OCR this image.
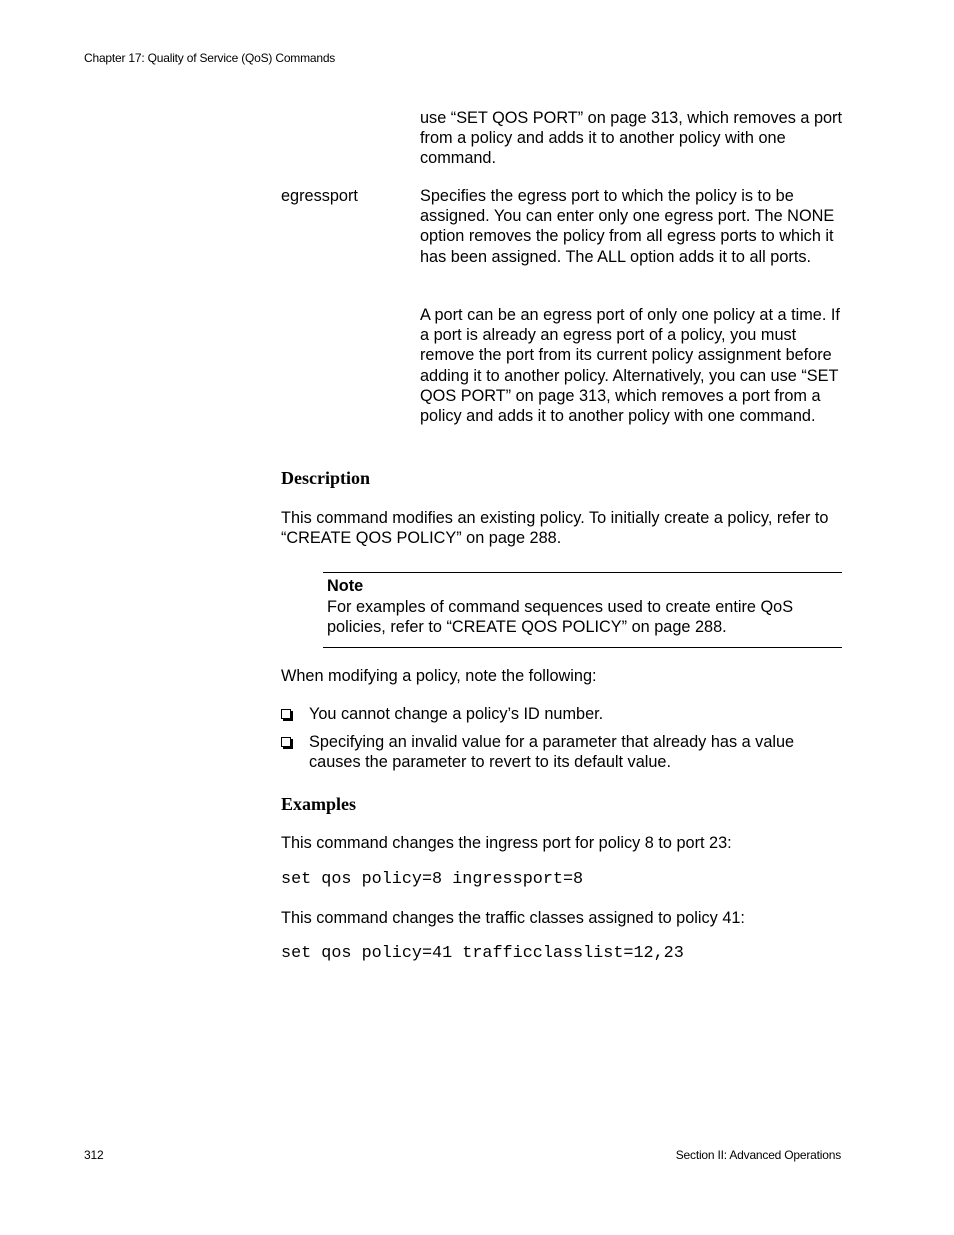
Chapter 17: Quality of Service (QoS) Commands
use “SET QOS PORT” on page 313, which removes a port from a policy and adds it to another policy with one command.
egressport	Specifies the egress port to which the policy is to be assigned. You can enter only one egress port. The NONE option removes the policy from all egress ports to which it has been assigned. The ALL option adds it to all ports.
A port can be an egress port of only one policy at a time. If a port is already an egress port of a policy, you must remove the port from its current policy assignment before adding it to another policy. Alternatively, you can use “SET QOS PORT” on page 313, which removes a port from a policy and adds it to another policy with one command.
Description
This command modifies an existing policy. To initially create a policy, refer to “CREATE QOS POLICY” on page 288.
Note
For examples of command sequences used to create entire QoS policies, refer to “CREATE QOS POLICY” on page 288.
When modifying a policy, note the following:
You cannot change a policy’s ID number.
Specifying an invalid value for a parameter that already has a value causes the parameter to revert to its default value.
Examples
This command changes the ingress port for policy 8 to port 23:
set qos policy=8 ingressport=8
This command changes the traffic classes assigned to policy 41:
set qos policy=41 trafficclasslist=12,23
312	Section II: Advanced Operations
